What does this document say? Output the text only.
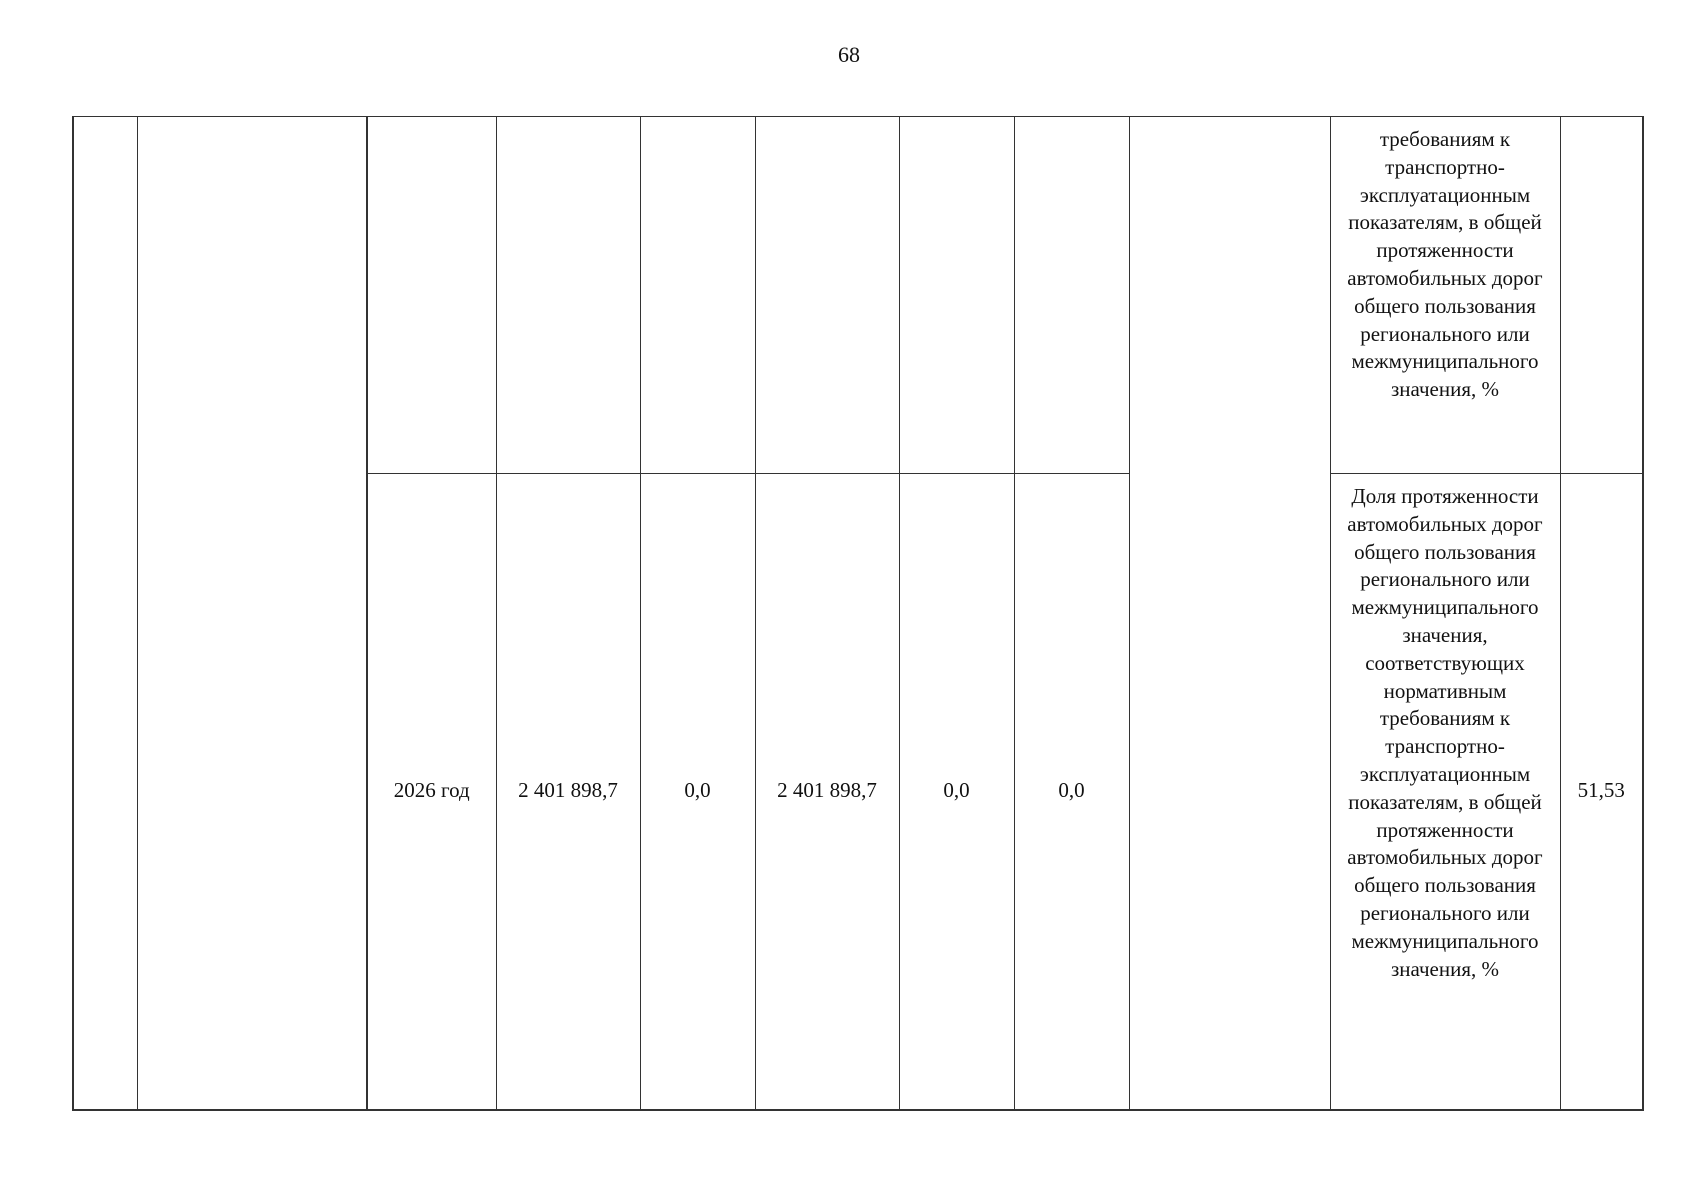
68
									требованиям к транспортно-эксплуатационным показателям, в общей протяженности автомобильных дорог общего пользования регионального или межмуниципального значения, %	
		2026 год	2 401 898,7	0,0	2 401 898,7	0,0	0,0		Доля протяженности автомобильных дорог общего пользования регионального или межмуниципального значения, соответствующих нормативным требованиям к транспортно-эксплуатационным показателям, в общей протяженности автомобильных дорог общего пользования регионального или межмуниципального значения, %	51,53
